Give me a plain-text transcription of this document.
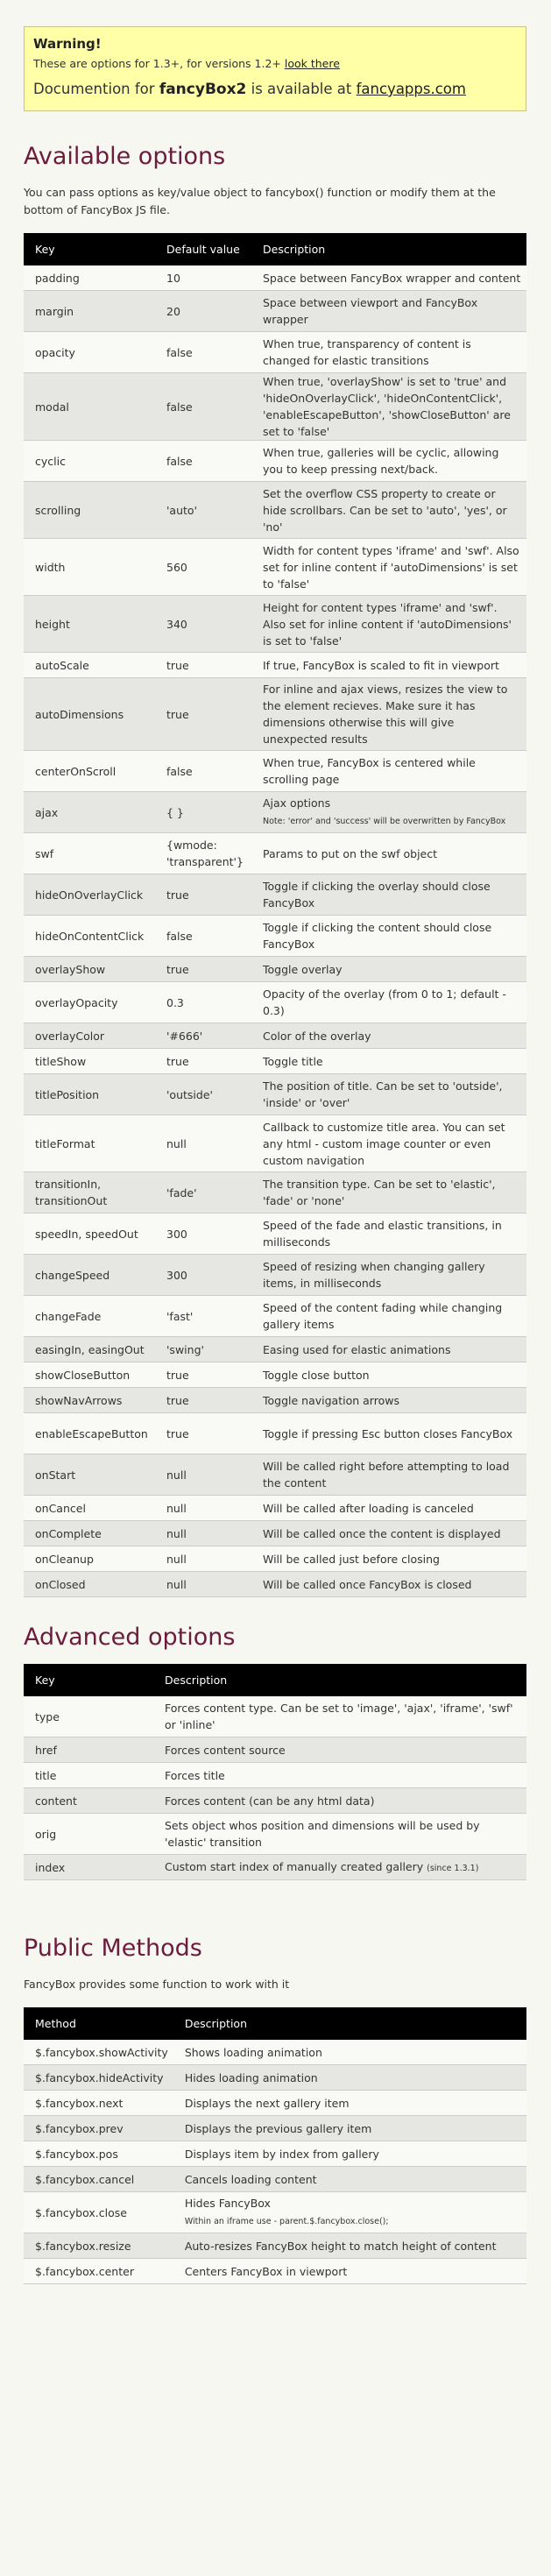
Warning!
These are options for 1.3+, for versions 1.2+ look there
Documention for fancyBox2 is available at fancyapps.com
Available options

You can pass options as key/value object to fancybox() function or modify them at the bottom of FancyBox JS file.

Key	Default value	Description
padding	10	Space between FancyBox wrapper and content
margin	20	Space between viewport and FancyBox wrapper
opacity	false	When true, transparency of content is changed for elastic transitions
modal	false	When true, 'overlayShow' is set to 'true' and 'hideOnOverlayClick', 'hideOnContentClick', 'enableEscapeButton', 'showCloseButton' are set to 'false'
cyclic	false	When true, galleries will be cyclic, allowing you to keep pressing next/back.
scrolling	'auto'	Set the overflow CSS property to create or hide scrollbars. Can be set to 'auto', 'yes', or 'no'
width	560	Width for content types 'iframe' and 'swf'. Also set for inline content if 'autoDimensions' is set to 'false'
height	340	Height for content types 'iframe' and 'swf'. Also set for inline content if 'autoDimensions' is set to 'false'
autoScale	true	If true, FancyBox is scaled to fit in viewport
autoDimensions	true	For inline and ajax views, resizes the view to the element recieves. Make sure it has dimensions otherwise this will give unexpected results
centerOnScroll	false	When true, FancyBox is centered while scrolling page
ajax	{ }	Ajax options
Note: 'error' and 'success' will be overwritten by FancyBox
swf	{wmode: 'transparent'}	Params to put on the swf object
hideOnOverlayClick	true	Toggle if clicking the overlay should close FancyBox
hideOnContentClick	false	Toggle if clicking the content should close FancyBox
overlayShow	true	Toggle overlay
overlayOpacity	0.3	Opacity of the overlay (from 0 to 1; default - 0.3)
overlayColor	'#666'	Color of the overlay
titleShow	true	Toggle title
titlePosition	'outside'	The position of title. Can be set to 'outside', 'inside' or 'over'
titleFormat	null	Callback to customize title area. You can set any html - custom image counter or even custom navigation
transitionIn, transitionOut	'fade'	The transition type. Can be set to 'elastic', 'fade' or 'none'
speedIn, speedOut	300	Speed of the fade and elastic transitions, in milliseconds
changeSpeed	300	Speed of resizing when changing gallery items, in milliseconds
changeFade	'fast'	Speed of the content fading while changing gallery items
easingIn, easingOut	'swing'	Easing used for elastic animations
showCloseButton	true	Toggle close button
showNavArrows	true	Toggle navigation arrows
enableEscapeButton	true	Toggle if pressing Esc button closes FancyBox
onStart	null	Will be called right before attempting to load the content
onCancel	null	Will be called after loading is canceled
onComplete	null	Will be called once the content is displayed
onCleanup	null	Will be called just before closing
onClosed	null	Will be called once FancyBox is closed
Advanced options
Key	Description
type	Forces content type. Can be set to 'image', 'ajax', 'iframe', 'swf' or 'inline'
href	Forces content source
title	Forces title
content	Forces content (can be any html data)
orig	Sets object whos position and dimensions will be used by 'elastic' transition
index	Custom start index of manually created gallery (since 1.3.1)
Public Methods

FancyBox provides some function to work with it

Method	Description
$.fancybox.showActivity	Shows loading animation
$.fancybox.hideActivity	Hides loading animation
$.fancybox.next	Displays the next gallery item
$.fancybox.prev	Displays the previous gallery item
$.fancybox.pos	Displays item by index from gallery
$.fancybox.cancel	Cancels loading content
$.fancybox.close	Hides FancyBox
Within an iframe use - parent.$.fancybox.close();
$.fancybox.resize	Auto-resizes FancyBox height to match height of content
$.fancybox.center	Centers FancyBox in viewport
